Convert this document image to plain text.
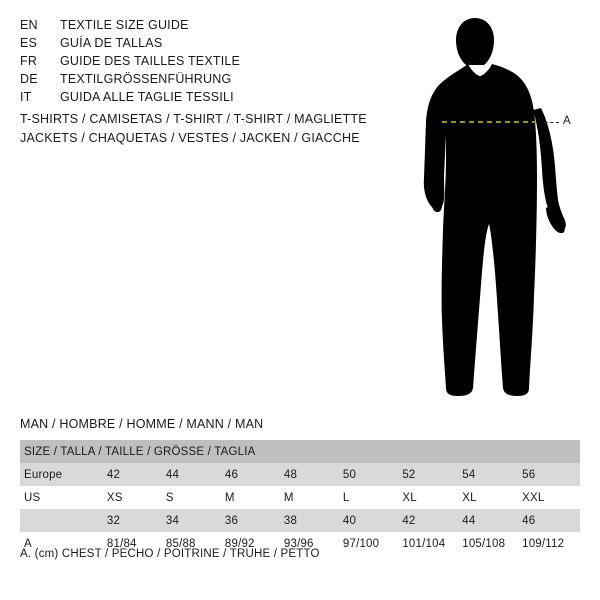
EN	TEXTILE SIZE GUIDE
ES	GUÍA DE TALLAS
FR	GUIDE DES TAILLES TEXTILE
DE	TEXTILGRÖSSENFÜHRUNG
IT	GUIDA ALLE TAGLIE TESSILI
T-SHIRTS / CAMISETAS / T-SHIRT / T-SHIRT / MAGLIETTE
JACKETS / CHAQUETAS / VESTES / JACKEN / GIACCHE
A
MAN / HOMBRE / HOMME / MANN / MAN
SIZE / TALLA / TAILLE / GRÖSSE / TAGLIA								
Europe	42	44	46	48	50	52	54	56
US	XS	S	M	M	L	XL	XL	XXL
	32	34	36	38	40	42	44	46
A	81/84	85/88	89/92	93/96	97/100	101/104	105/108	109/112
A. (cm) CHEST / PECHO / POITRINE / TRUHE / PETTO
